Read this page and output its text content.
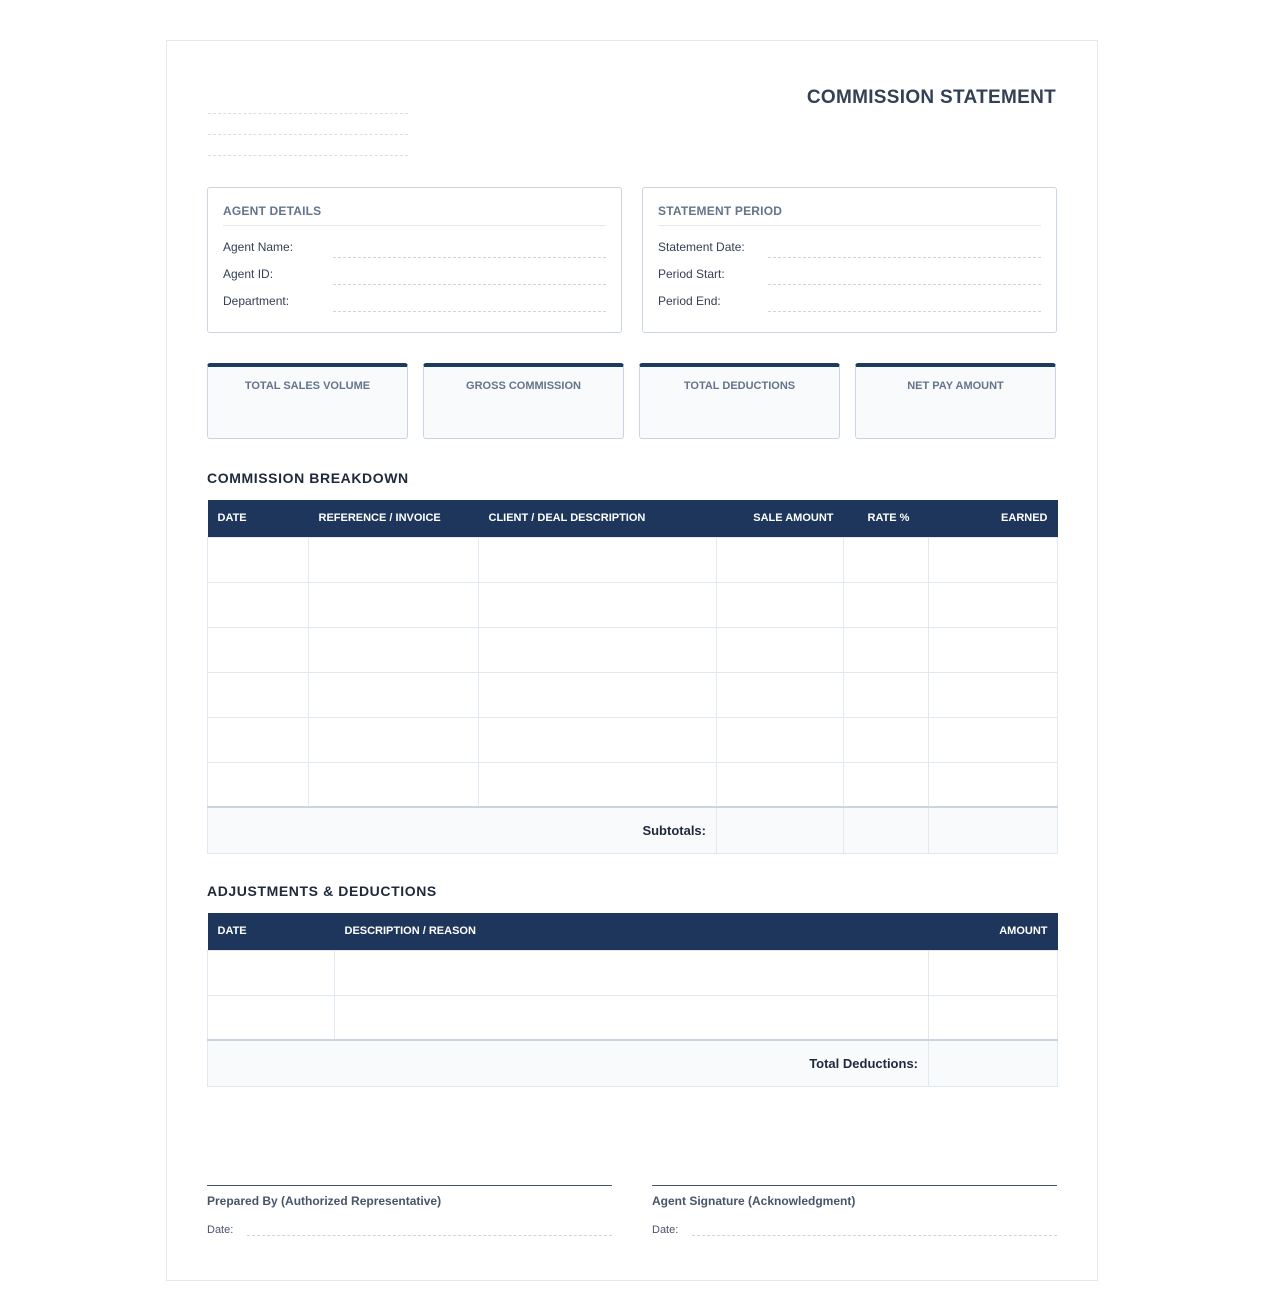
COMMISSION STATEMENT
AGENT DETAILS
Agent Name:
Agent ID:
Department:
STATEMENT PERIOD
Statement Date:
Period Start:
Period End:
TOTAL SALES VOLUME	GROSS COMMISSION	TOTAL DEDUCTIONS	NET PAY AMOUNT
COMMISSION BREAKDOWN
DATE	REFERENCE / INVOICE	CLIENT / DEAL DESCRIPTION	SALE AMOUNT	RATE %	EARNED

Subtotals:					
ADJUSTMENTS & DEDUCTIONS
DATE	DESCRIPTION / REASON	AMOUNT

Total Deductions:		
Prepared By (Authorized Representative)
Date:
Agent Signature (Acknowledgment)
Date:
